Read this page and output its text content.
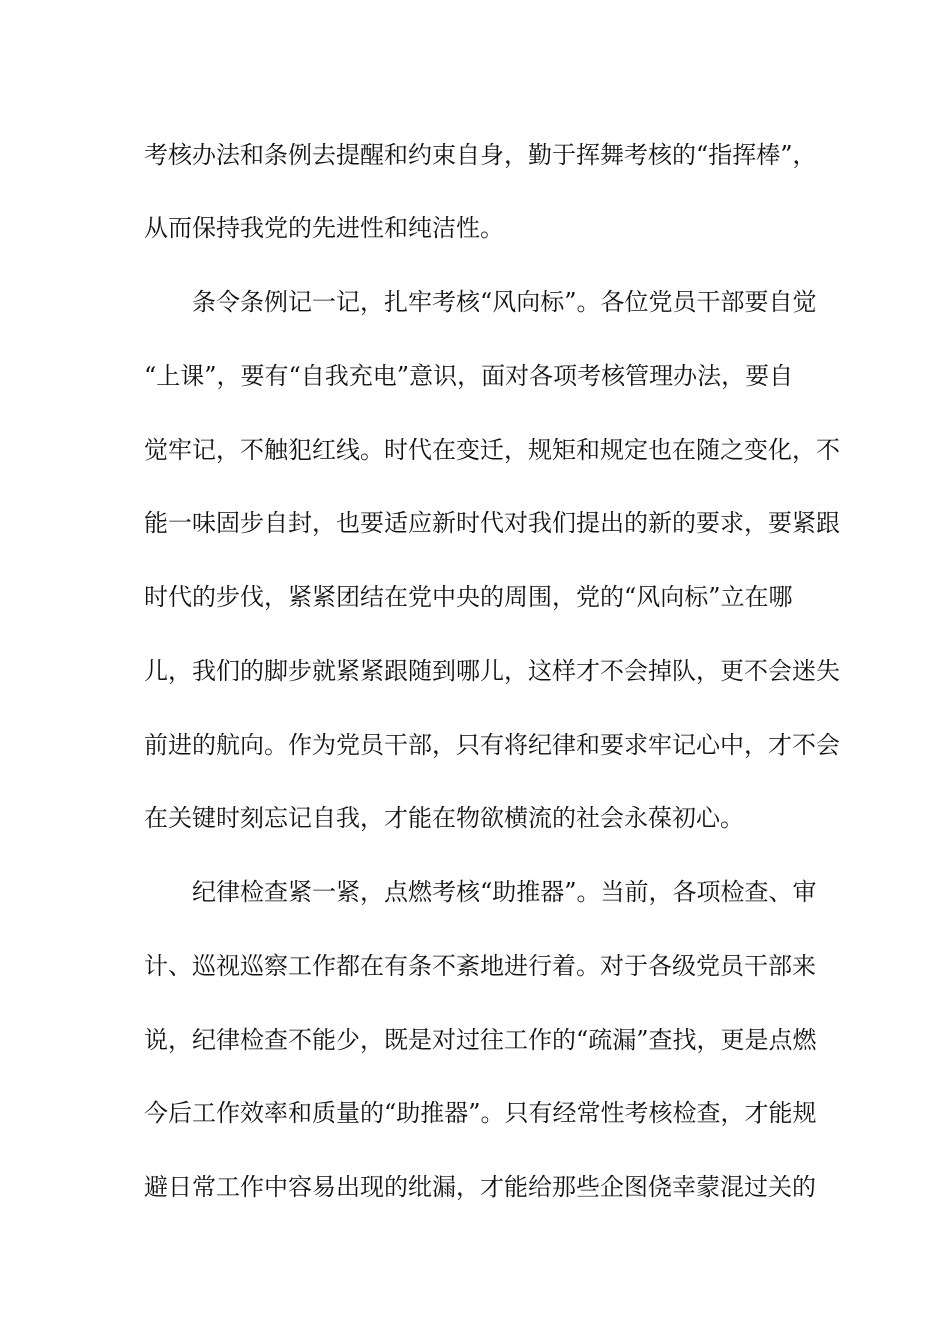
考核办法和条例去提醒和约束自身，勤于挥舞考核的“指挥棒”，
从而保持我党的先进性和纯洁性。
　　条令条例记一记，扎牢考核“风向标”。各位党员干部要自觉
“上课”，要有“自我充电”意识，面对各项考核管理办法，要自
觉牢记，不触犯红线。时代在变迁，规矩和规定也在随之变化，不
能一味固步自封，也要适应新时代对我们提出的新的要求，要紧跟
时代的步伐，紧紧团结在党中央的周围，党的“风向标”立在哪
儿，我们的脚步就紧紧跟随到哪儿，这样才不会掉队，更不会迷失
前进的航向。作为党员干部，只有将纪律和要求牢记心中，才不会
在关键时刻忘记自我，才能在物欲横流的社会永葆初心。
　　纪律检查紧一紧，点燃考核“助推器”。当前，各项检查、审
计、巡视巡察工作都在有条不紊地进行着。对于各级党员干部来
说，纪律检查不能少，既是对过往工作的“疏漏”查找，更是点燃
今后工作效率和质量的“助推器”。只有经常性考核检查，才能规
避日常工作中容易出现的纰漏，才能给那些企图侥幸蒙混过关的
